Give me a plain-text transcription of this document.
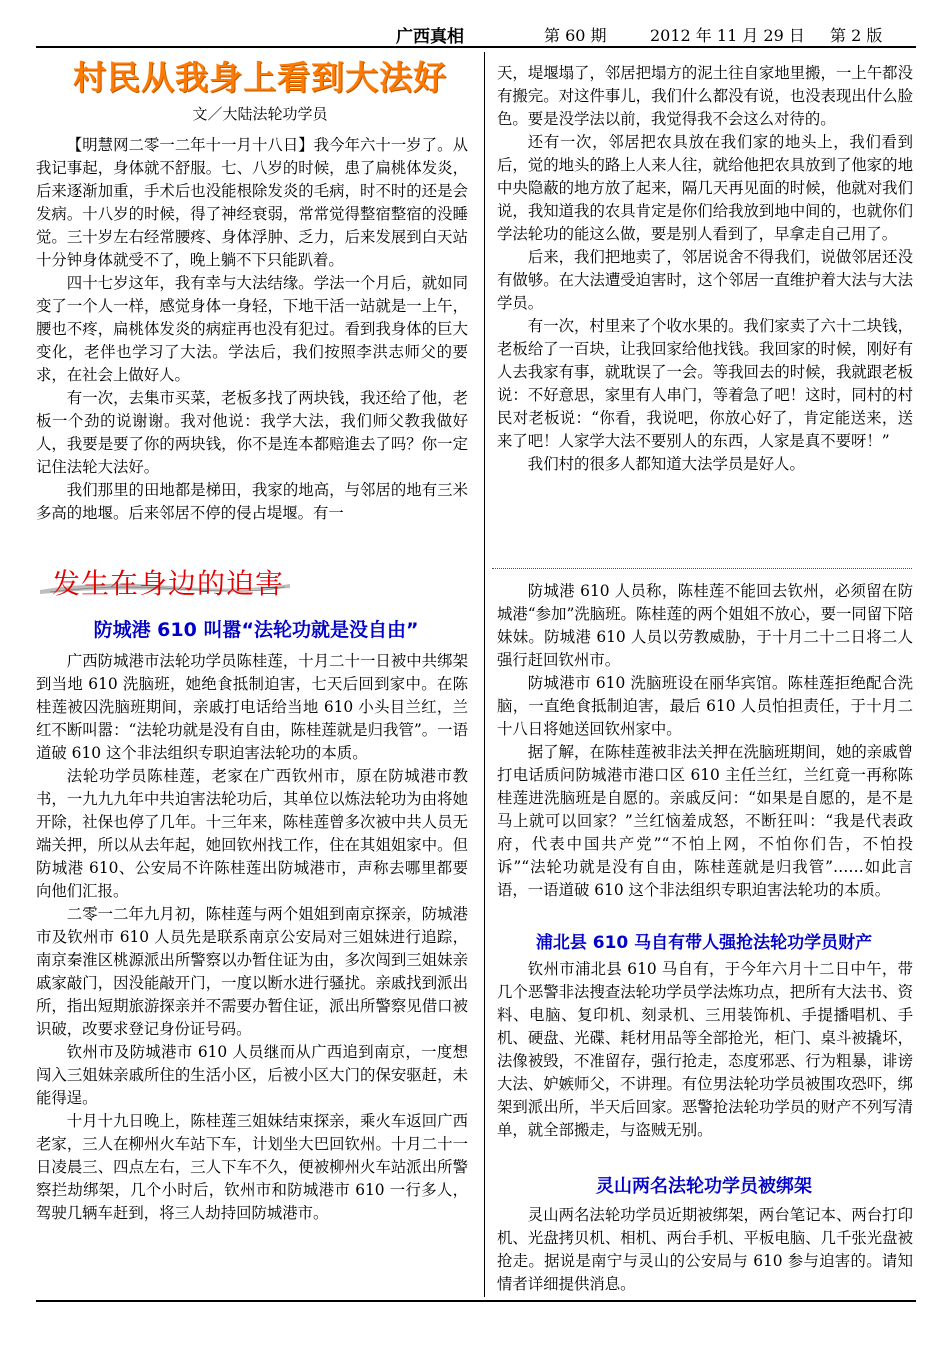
广西真相	第 60 期	2012 年 11 月 29 日 第 2 版
村民从我身上看到大法好
文／大陆法轮功学员

【明慧网二零一二年十一月十八日】我今年六十一岁了。从我记事起，身体就不舒服。七、八岁的时候，患了扁桃体发炎，后来逐渐加重，手术后也没能根除发炎的毛病，时不时的还是会发病。十八岁的时候，得了神经衰弱，常常觉得整宿整宿的没睡觉。三十岁左右经常腰疼、身体浮肿、乏力，后来发展到白天站十分钟身体就受不了，晚上躺不下只能趴着。

四十七岁这年，我有幸与大法结缘。学法一个月后，就如同变了一个人一样，感觉身体一身轻，下地干活一站就是一上午，腰也不疼，扁桃体发炎的病症再也没有犯过。看到我身体的巨大变化，老伴也学习了大法。学法后，我们按照李洪志师父的要求，在社会上做好人。

有一次，去集市买菜，老板多找了两块钱，我还给了他，老板一个劲的说谢谢。我对他说：我学大法，我们师父教我做好人，我要是要了你的两块钱，你不是连本都赔進去了吗？你一定记住法轮大法好。

我们那里的田地都是梯田，我家的地高，与邻居的地有三米多高的地堰。后来邻居不停的侵占堤堰。有一

天，堤堰塌了，邻居把塌方的泥土往自家地里搬，一上午都没有搬完。对这件事儿，我们什么都没有说，也没表现出什么脸色。要是没学法以前，我觉得我不会这么对待的。

还有一次，邻居把农具放在我们家的地头上，我们看到后，觉的地头的路上人来人往，就给他把农具放到了他家的地中央隐蔽的地方放了起来，隔几天再见面的时候，他就对我们说，我知道我的农具肯定是你们给我放到地中间的，也就你们学法轮功的能这么做，要是别人看到了，早拿走自己用了。

后来，我们把地卖了，邻居说舍不得我们，说做邻居还没有做够。在大法遭受迫害时，这个邻居一直维护着大法与大法学员。

有一次，村里来了个收水果的。我们家卖了六十二块钱，老板给了一百块，让我回家给他找钱。我回家的时候，刚好有人去我家有事，就耽误了一会。等我回去的时候，我就跟老板说：不好意思，家里有人串门，等着急了吧！这时，同村的村民对老板说：“你看，我说吧，你放心好了，肯定能送来，送来了吧！人家学大法不要别人的东西，人家是真不要呀！”

我们村的很多人都知道大法学员是好人。

发生在身边的迫害
防城港 610 叫嚣“法轮功就是没自由”

广西防城港市法轮功学员陈桂莲，十月二十一日被中共绑架到当地 610 洗脑班，她绝食抵制迫害，七天后回到家中。在陈桂莲被囚洗脑班期间，亲戚打电话给当地 610 小头目兰红，兰红不断叫嚣：“法轮功就是没有自由，陈桂莲就是归我管”。一语道破 610 这个非法组织专职迫害法轮功的本质。

法轮功学员陈桂莲，老家在广西钦州市，原在防城港市教书，一九九九年中共迫害法轮功后，其单位以炼法轮功为由将她开除，社保也停了几年。十三年来，陈桂莲曾多次被中共人员无端关押，所以从去年起，她回钦州找工作，住在其姐姐家中。但防城港 610、公安局不许陈桂莲出防城港市，声称去哪里都要向他们汇报。

二零一二年九月初，陈桂莲与两个姐姐到南京探亲，防城港市及钦州市 610 人员先是联系南京公安局对三姐妹进行追踪，南京秦淮区桃源派出所警察以办暂住证为由，多次闯到三姐妹亲戚家敲门，因没能敲开门，一度以断水进行骚扰。亲戚找到派出所，指出短期旅游探亲并不需要办暂住证，派出所警察见借口被识破，改要求登记身份证号码。

钦州市及防城港市 610 人员继而从广西追到南京，一度想闯入三姐妹亲戚所住的生活小区，后被小区大门的保安驱赶，未能得逞。

十月十九日晚上，陈桂莲三姐妹结束探亲，乘火车返回广西老家，三人在柳州火车站下车，计划坐大巴回钦州。十月二十一日凌晨三、四点左右，三人下车不久，便被柳州火车站派出所警察拦劫绑架，几个小时后，钦州市和防城港市 610 一行多人，驾驶几辆车赶到，将三人劫持回防城港市。

防城港 610 人员称，陈桂莲不能回去钦州，必须留在防城港“参加”洗脑班。陈桂莲的两个姐姐不放心，要一同留下陪妹妹。防城港 610 人员以劳教威胁，于十月二十二日将二人强行赶回钦州市。

防城港市 610 洗脑班设在丽华宾馆。陈桂莲拒绝配合洗脑，一直绝食抵制迫害，最后 610 人员怕担责任，于十月二十八日将她送回钦州家中。

据了解，在陈桂莲被非法关押在洗脑班期间，她的亲戚曾打电话质问防城港市港口区 610 主任兰红，兰红竟一再称陈桂莲进洗脑班是自愿的。亲戚反问：“如果是自愿的，是不是马上就可以回家？”兰红恼羞成怒，不断狂叫：“我是代表政府，代表中国共产党”“不怕上网，不怕你们告，不怕投诉”“法轮功就是没有自由，陈桂莲就是归我管”……如此言语，一语道破 610 这个非法组织专职迫害法轮功的本质。

浦北县 610 马自有带人强抢法轮功学员财产

钦州市浦北县 610 马自有，于今年六月十二日中午，带几个恶警非法搜查法轮功学员学法炼功点，把所有大法书、资料、电脑、复印机、刻录机、三用装饰机、手提播唱机、手机、硬盘、光碟、耗材用品等全部抢光，柜门、桌斗被撬坏，法像被毁，不准留存，强行抢走，态度邪恶、行为粗暴，诽谤大法、妒嫉师父，不讲理。有位男法轮功学员被围攻恐吓，绑架到派出所，半天后回家。恶警抢法轮功学员的财产不列写清单，就全部搬走，与盗贼无别。

灵山两名法轮功学员被绑架

灵山两名法轮功学员近期被绑架，两台笔记本、两台打印机、光盘拷贝机、相机、两台手机、平板电脑、几千张光盘被抢走。据说是南宁与灵山的公安局与 610 参与迫害的。请知情者详细提供消息。
